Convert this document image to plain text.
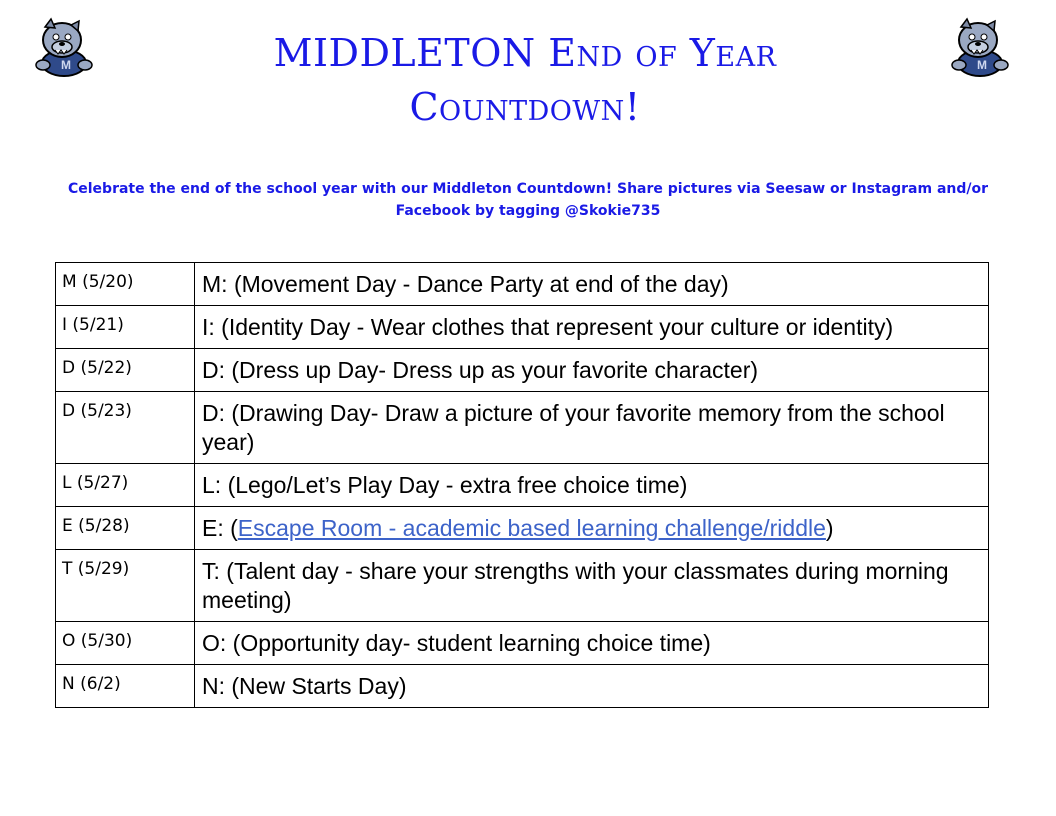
M	M
MIDDLETON End of Year
Countdown!
Celebrate the end of the school year with our Middleton Countdown! Share pictures via Seesaw or Instagram and/or
Facebook by tagging @Skokie735
M (5/20)	M: (Movement Day - Dance Party at end of the day)
I (5/21)	I: (Identity Day - Wear clothes that represent your culture or identity)
D (5/22)	D: (Dress up Day- Dress up as your favorite character)
D (5/23)	D: (Drawing Day- Draw a picture of your favorite memory from the school year)
L (5/27)	L: (Lego/Let’s Play Day - extra free choice time)
E (5/28)	E: (Escape Room - academic based learning challenge/riddle)
T (5/29)	T: (Talent day - share your strengths with your classmates during morning meeting)
O (5/30)	O: (Opportunity day- student learning choice time)
N (6/2)	N: (New Starts Day)
